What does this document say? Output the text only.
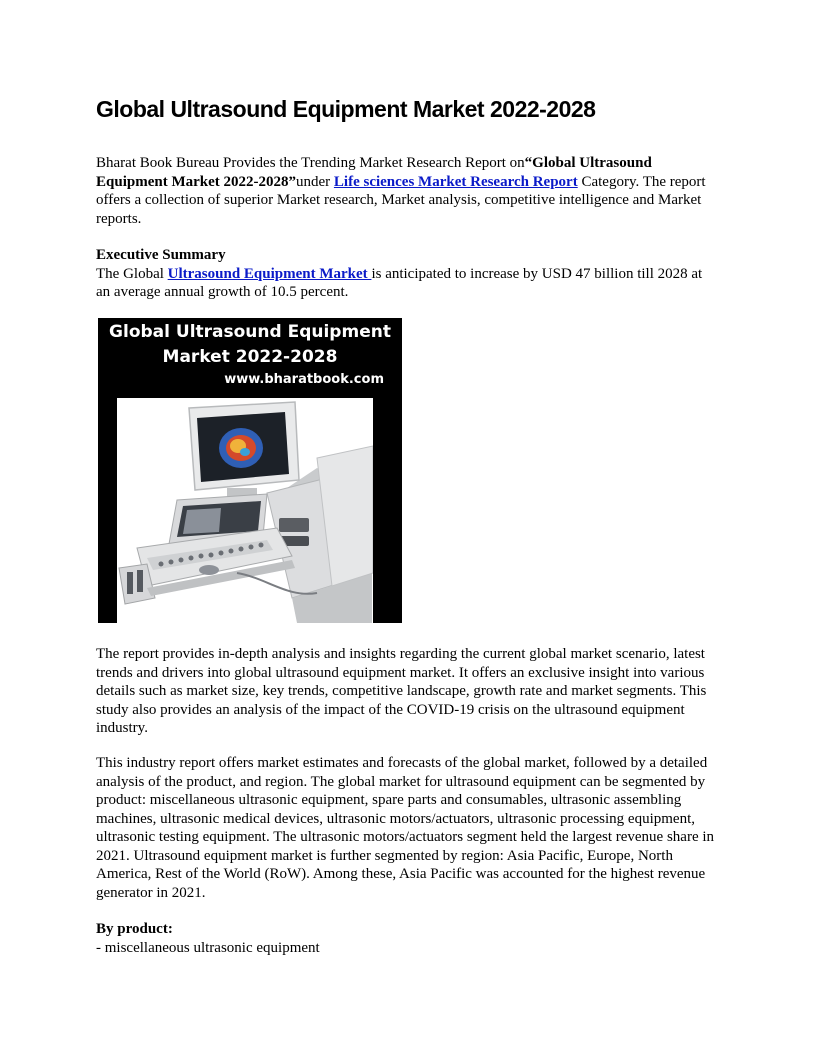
Global Ultrasound Equipment Market 2022-2028

Bharat Book Bureau Provides the Trending Market Research Report on“Global Ultrasound Equipment Market 2022-2028”under Life sciences Market Research Report Category. The report offers a collection of superior Market research, Market analysis, competitive intelligence and Market reports.

Executive Summary

The Global Ultrasound Equipment Market is anticipated to increase by USD 47 billion till 2028 at an average annual growth of 10.5 percent.

Global Ultrasound Equipment
Market 2022-2028
www.bharatbook.com

The report provides in-depth analysis and insights regarding the current global market scenario, latest trends and drivers into global ultrasound equipment market. It offers an exclusive insight into various details such as market size, key trends, competitive landscape, growth rate and market segments. This study also provides an analysis of the impact of the COVID-19 crisis on the ultrasound equipment industry.

This industry report offers market estimates and forecasts of the global market, followed by a detailed analysis of the product, and region. The global market for ultrasound equipment can be segmented by product: miscellaneous ultrasonic equipment, spare parts and consumables, ultrasonic assembling machines, ultrasonic medical devices, ultrasonic motors/actuators, ultrasonic processing equipment, ultrasonic testing equipment. The ultrasonic motors/actuators segment held the largest revenue share in 2021. Ultrasound equipment market is further segmented by region: Asia Pacific, Europe, North America, Rest of the World (RoW). Among these, Asia Pacific was accounted for the highest revenue generator in 2021.

By product:

- miscellaneous ultrasonic equipment
